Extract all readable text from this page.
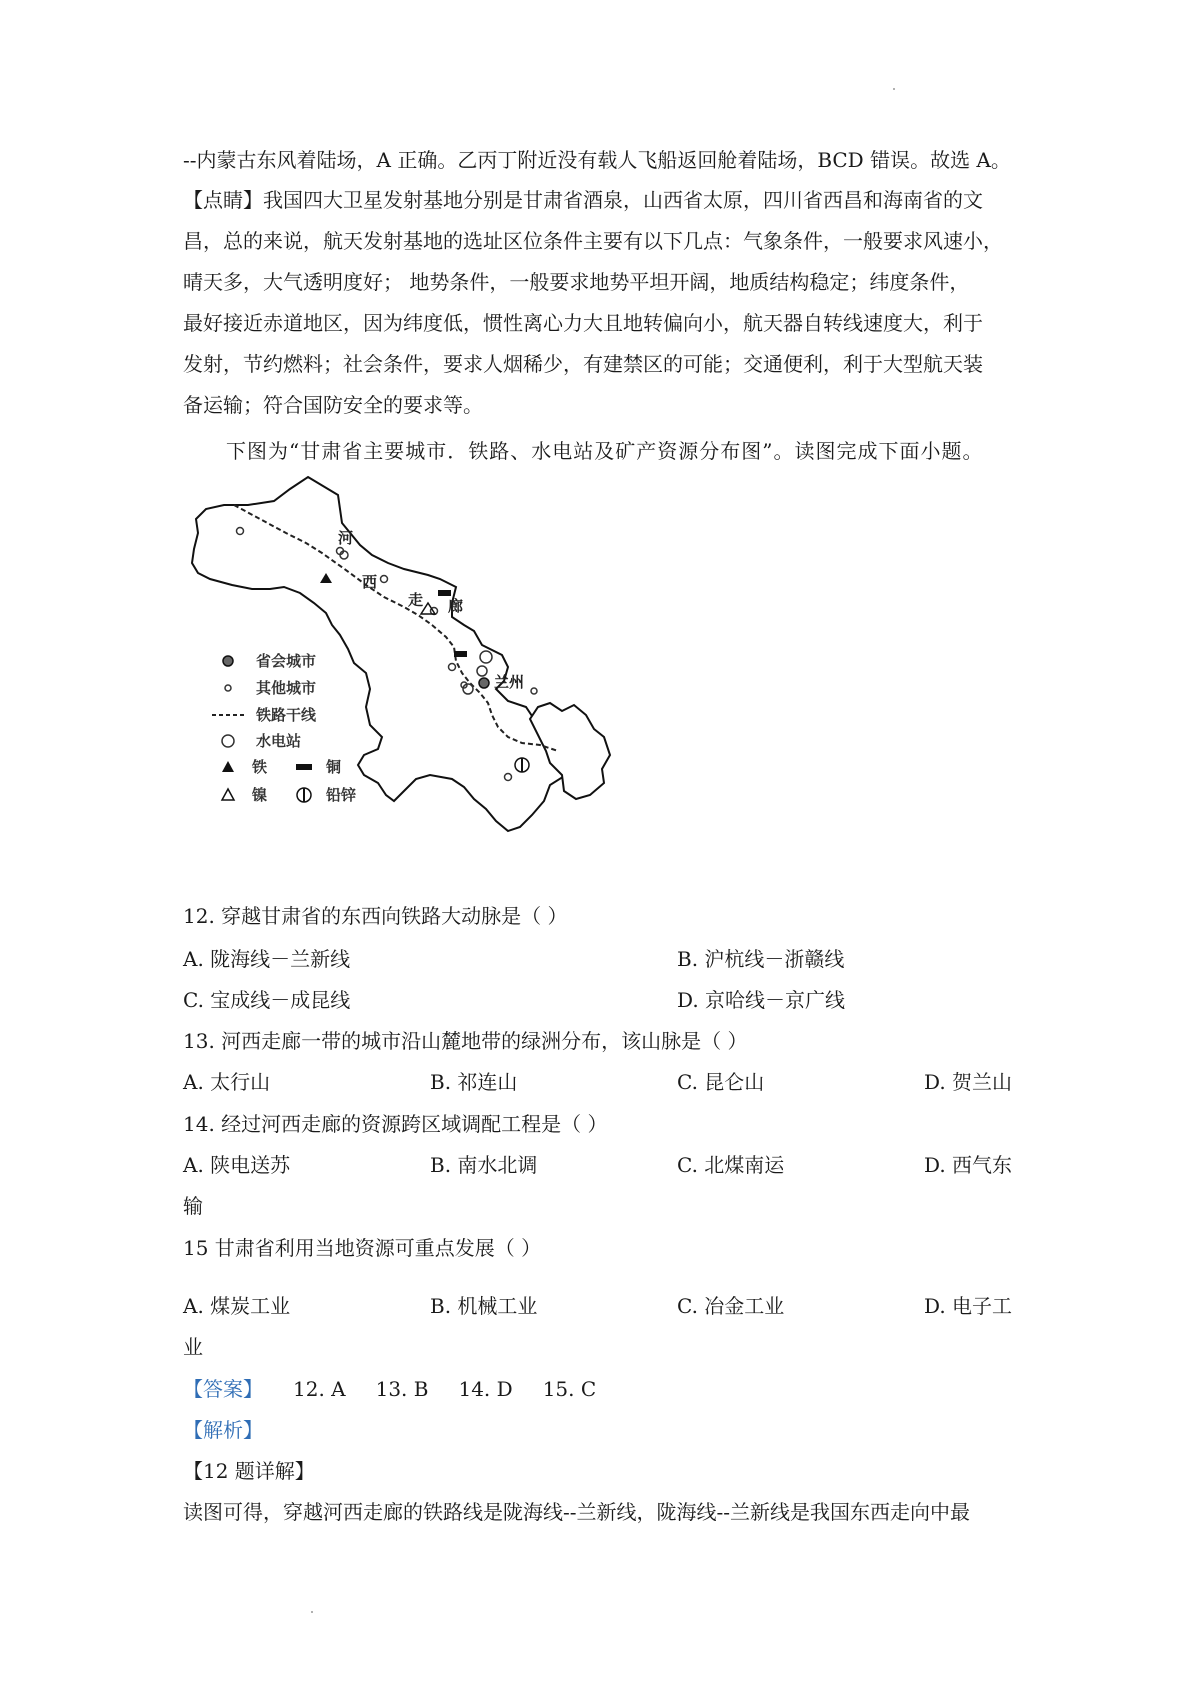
--内蒙古东风着陆场，A 正确。乙丙丁附近没有载人飞船返回舱着陆场，BCD 错误。故选 A。
【点睛】我国四大卫星发射基地分别是甘肃省酒泉，山西省太原，四川省西昌和海南省的文
昌，总的来说，航天发射基地的选址区位条件主要有以下几点：气象条件，一般要求风速小，
晴天多，大气透明度好； 地势条件，一般要求地势平坦开阔，地质结构稳定；纬度条件，
最好接近赤道地区，因为纬度低，惯性离心力大且地转偏向小，航天器自转线速度大，利于
发射，节约燃料；社会条件，要求人烟稀少，有建禁区的可能；交通便利，利于大型航天装
备运输；符合国防安全的要求等。
下图为“甘肃省主要城市．铁路、水电站及矿产资源分布图”。读图完成下面小题。
河
西
走 廊
兰州
省会城市
其他城市
铁路干线
水电站
铁	铜
镍	铅锌
12. 穿越甘肃省的东西向铁路大动脉是（ ）
A. 陇海线－兰新线	B. 沪杭线－浙赣线
C. 宝成线－成昆线	D. 京哈线－京广线
13. 河西走廊一带的城市沿山麓地带的绿洲分布，该山脉是（ ）
A. 太行山	B. 祁连山	C. 昆仑山	D. 贺兰山
14. 经过河西走廊的资源跨区域调配工程是（ ）
A. 陕电送苏	B. 南水北调	C. 北煤南运	D. 西气东
输
15 甘肃省利用当地资源可重点发展（ ）
A. 煤炭工业	B. 机械工业	C. 冶金工业	D. 电子工
业
【答案】 12. A 13. B 14. D 15. C
【解析】
【12 题详解】
读图可得，穿越河西走廊的铁路线是陇海线--兰新线，陇海线--兰新线是我国东西走向中最
